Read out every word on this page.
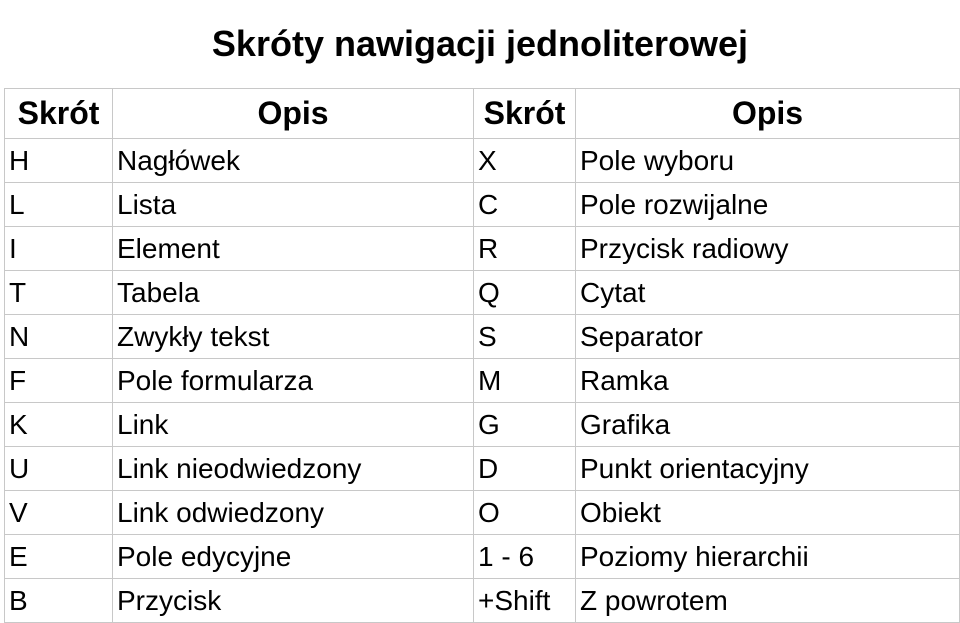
Skróty nawigacji jednoliterowej
Skrót	Opis	Skrót	Opis
H	Nagłówek	X	Pole wyboru
L	Lista	C	Pole rozwijalne
I	Element	R	Przycisk radiowy
T	Tabela	Q	Cytat
N	Zwykły tekst	S	Separator
F	Pole formularza	M	Ramka
K	Link	G	Grafika
U	Link nieodwiedzony	D	Punkt orientacyjny
V	Link odwiedzony	O	Obiekt
E	Pole edycyjne	1 - 6	Poziomy hierarchii
B	Przycisk	+Shift	Z powrotem
